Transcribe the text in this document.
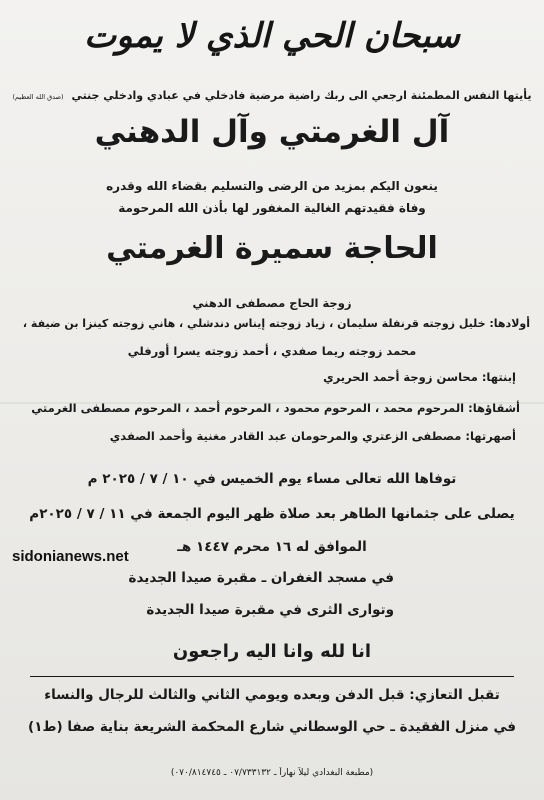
سبحان الحي الذي لا يموت
يأيتها النفس المطمئنة ارجعي الى ربك راضية مرضية فادخلي في عبادي وادخلي جنتي (صدق الله العظيم)
آل الغرمتي وآل الدهني
ينعون اليكم بمزيد من الرضى والتسليم بقضاء الله وقدره
وفاة فقيدتهم الغالية المغفور لها بأذن الله المرحومة
الحاجة سميرة الغرمتي
زوجة الحاج مصطفى الدهني
أولادها: خليل زوجته قرنفلة سليمان ، زياد زوجته إيناس دندشلي ، هاني زوجته كينزا بن ضيفة ،
محمد زوجته ريما صفدي ، أحمد زوجته يسرا أورفلي
إبنتها: محاسن زوجة أحمد الحريري
أشقاؤها: المرحوم محمد ، المرحوم محمود ، المرحوم أحمد ، المرحوم مصطفى الغرمتي
أصهرتها: مصطفى الزعتري والمرحومان عبد القادر مغنية وأحمد الصفدي
توفاها الله تعالى مساء يوم الخميس في ١٠ / ٧ / ٢٠٢٥ م
يصلى على جثمانها الطاهر بعد صلاة ظهر اليوم الجمعة في ١١ / ٧ / ٢٠٢٥م
الموافق له ١٦ محرم ١٤٤٧ هـ
sidonianews.net
في مسجد الغفران ـ مقبرة صيدا الجديدة
وتوارى الثرى في مقبرة صيدا الجديدة
انا لله وانا اليه راجعون
تقبل التعازي: قبل الدفن وبعده ويومي الثاني والثالث للرجال والنساء
في منزل الفقيدة ـ حي الوسطاني شارع المحكمة الشريعة بناية صفا (ط١)
(مطبعة البغدادي ليلاً نهاراً ـ ٠٧/٧٣٣١٣٢ ـ ٠٧٠/٨١٤٧٤٥)
